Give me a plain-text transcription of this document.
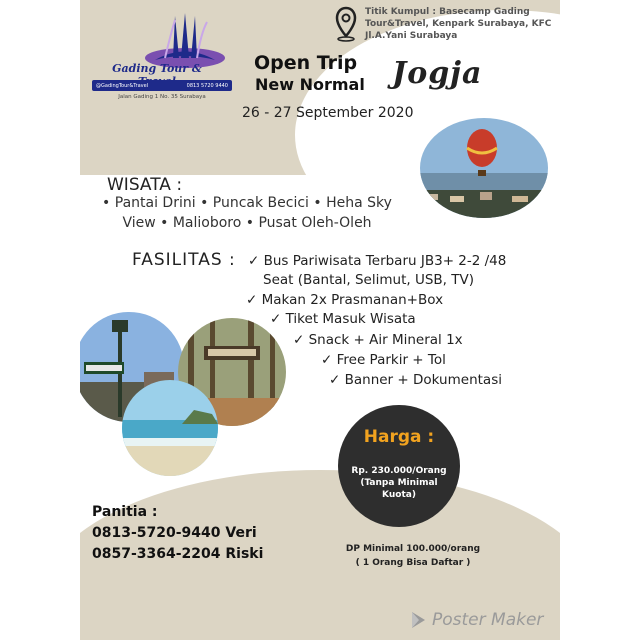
Gading Tour &
@GadingTour&Travel	0813 5720 9440
Jalan Gading 1 No. 35 Surabaya
Titik Kumpul : Basecamp Gading Tour&Travel, Kenpark Surabaya, KFC Jl.A.Yani Surabaya
Open Trip
New Normal Jogja
26 - 27 September 2020
WISATA :
• Pantai Drini • Puncak Becici • Heha Sky View • Malioboro • Pusat Oleh-Oleh
FASILITAS : ✓ Bus Pariwisata Terbaru JB3+ 2-2 /48
Seat (Bantal, Selimut, USB, TV)
✓ Makan 2x Prasmanan+Box
✓ Tiket Masuk Wisata
✓ Snack + Air Mineral 1x
✓ Free Parkir + Tol
✓ Banner + Dokumentasi
Harga :
Rp. 230.000/Orang (Tanpa Minimal Kuota)
DP Minimal 100.000/orang
( 1 Orang Bisa Daftar )
Panitia :
0813-5720-9440 Veri
0857-3364-2204 Riski
Poster Maker
